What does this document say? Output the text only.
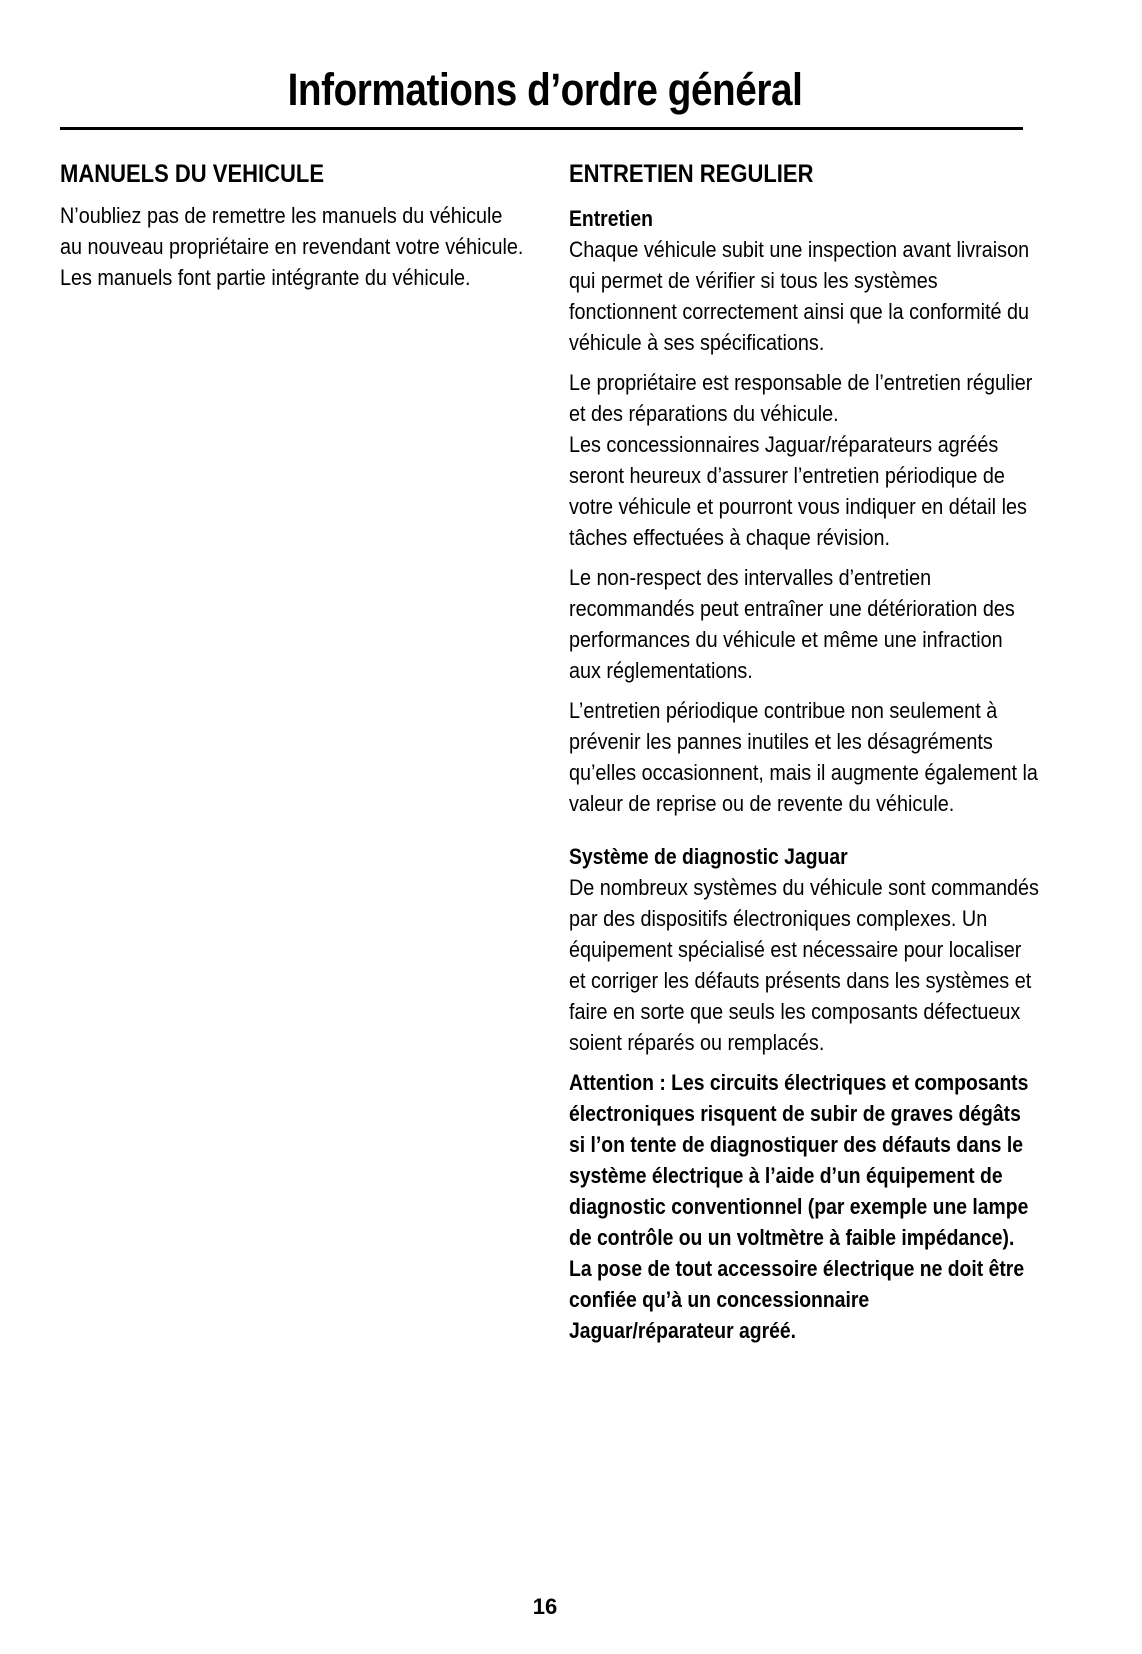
Informations d’ordre général
MANUELS DU VEHICULE

N’oubliez pas de remettre les manuels du véhicule au nouveau propriétaire en revendant votre véhicule. Les manuels font partie intégrante du véhicule.

ENTRETIEN REGULIER
Entretien

Chaque véhicule subit une inspection avant livraison qui permet de vérifier si tous les systèmes fonctionnent correctement ainsi que la conformité du véhicule à ses spécifications.

Le propriétaire est responsable de l’entretien régulier et des réparations du véhicule.

Les concessionnaires Jaguar/réparateurs agréés seront heureux d’assurer l’entretien périodique de votre véhicule et pourront vous indiquer en détail les tâches effectuées à chaque révision.

Le non-respect des intervalles d’entretien recommandés peut entraîner une détérioration des performances du véhicule et même une infraction aux réglementations.

L’entretien périodique contribue non seulement à prévenir les pannes inutiles et les désagréments qu’elles occasionnent, mais il augmente également la valeur de reprise ou de revente du véhicule.

Système de diagnostic Jaguar

De nombreux systèmes du véhicule sont commandés par des dispositifs électroniques complexes. Un équipement spécialisé est nécessaire pour localiser et corriger les défauts présents dans les systèmes et faire en sorte que seuls les composants défectueux soient réparés ou remplacés.

Attention : Les circuits électriques et composants électroniques risquent de subir de graves dégâts si l’on tente de diagnostiquer des défauts dans le système électrique à l’aide d’un équipement de diagnostic conventionnel (par exemple une lampe de contrôle ou un voltmètre à faible impédance). La pose de tout accessoire électrique ne doit être confiée qu’à un concessionnaire Jaguar/réparateur agréé.

16
